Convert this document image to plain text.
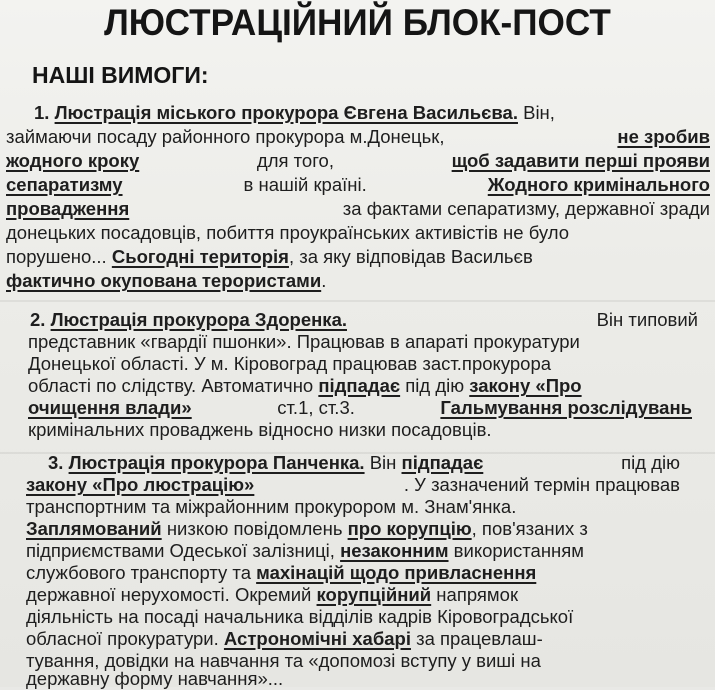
ЛЮСТРАЦІЙНИЙ БЛОК-ПОСТ
НАШІ ВИМОГИ:
1. Люстрація міського прокурора Євгена Васильєва. Він,
займаючи посаду районного прокурора м.Донецьк,	не зробив
жодного кроку	для того,	щоб задавити перші прояви
сепаратизму	в нашій країні.	Жодного кримінального
провадження	за фактами сепаратизму, державної зради
донецьких посадовців, побиття проукраїнських активістів не було
порушено... Сьогодні територія, за яку відповідав Васильєв
фактично окупована терористами.
2. Люстрація прокурора Здоренка.	Він типовий
представник «гвардії пшонки». Працював в апараті прокуратури
Донецької області. У м. Кіровоград працював заст.прокурора
області по слідству. Автоматично підпадає під дію закону «Про
очищення влади»	ст.1, ст.3.	Гальмування розслідувань
кримінальних проваджень відносно низки посадовців.
3. Люстрація прокурора Панченка. Він підпадає	під дію
закону «Про люстрацію»	. У зазначений термін працював
транспортним та міжрайонним прокурором м. Знам'янка.
Заплямований низкою повідомлень про корупцію, пов'язаних з
підприємствами Одеської залізниці, незаконним використанням
службового транспорту та махінацій щодо привласнення
державної нерухомості. Окремий корупційний напрямок
діяльність на посаді начальника відділів кадрів Кіровоградської
обласної прокуратури. Астрономічні хабарі за працевлаш-
тування, довідки на навчання та «допомозі вступу у виші на
державну форму навчання»...
